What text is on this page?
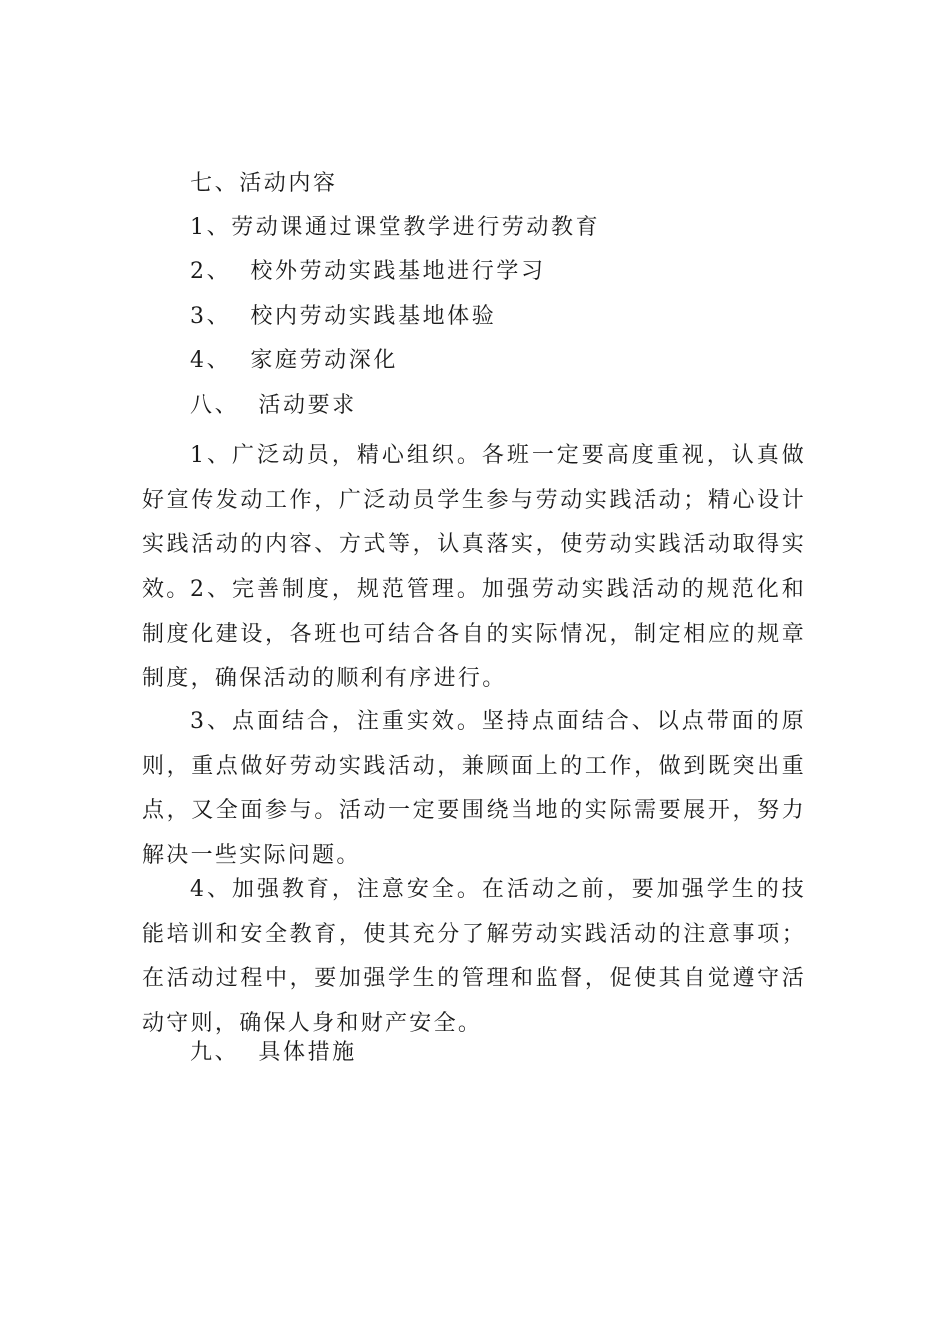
七、活动内容
1、劳动课通过课堂教学进行劳动教育
2、  校外劳动实践基地进行学习
3、  校内劳动实践基地体验
4、  家庭劳动深化
八、  活动要求

1、广泛动员，精心组织。各班一定要高度重视，认真做好宣传发动工作，广泛动员学生参与劳动实践活动；精心设计实践活动的内容、方式等，认真落实，使劳动实践活动取得实效。 2、完善制度，规范管理。加强劳动实践活动的规范化和制度化建设，各班也可结合各自的实际情况，制定相应的规章制度，确保活动的顺利有序进行。

3、点面结合，注重实效。坚持点面结合、以点带面的原则，重点做好劳动实践活动，兼顾面上的工作，做到既突出重点，又全面参与。活动一定要围绕当地的实际需要展开，努力解决一些实际问题。

4、加强教育，注意安全。在活动之前，要加强学生的技能培训和安全教育，使其充分了解劳动实践活动的注意事项；在活动过程中，要加强学生的管理和监督，促使其自觉遵守活动守则，确保人身和财产安全。

九、  具体措施
